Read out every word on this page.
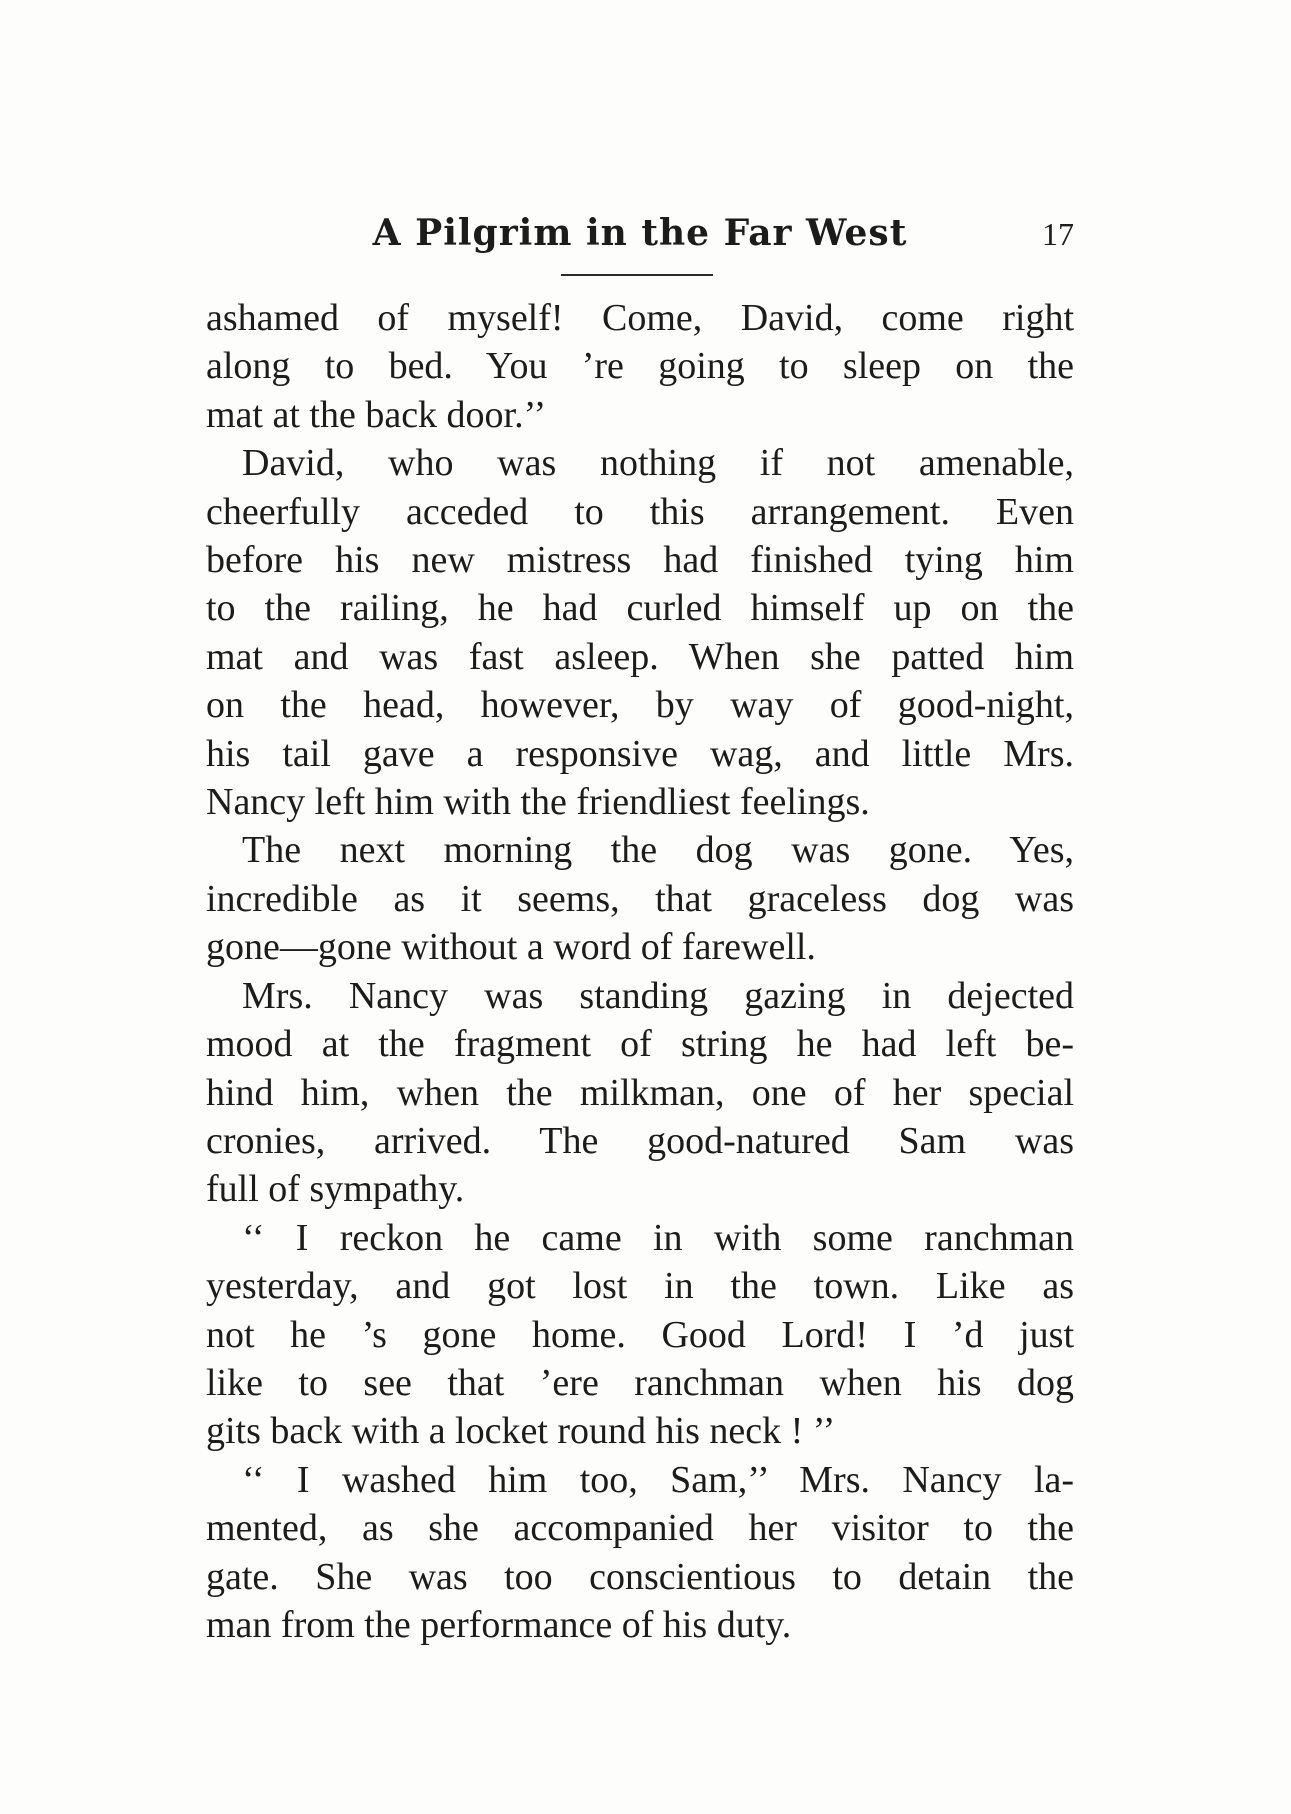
A Pilgrim in the Far West	17
ashamed of myself! Come, David, come right
along to bed. You ’re going to sleep on the
mat at the back door.’’
David, who was nothing if not amenable,
cheerfully acceded to this arrangement. Even
before his new mistress had finished tying him
to the railing, he had curled himself up on the
mat and was fast asleep. When she patted him
on the head, however, by way of good-night,
his tail gave a responsive wag, and little Mrs.
Nancy left him with the friendliest feelings.
The next morning the dog was gone. Yes,
incredible as it seems, that graceless dog was
gone—gone without a word of farewell.
Mrs. Nancy was standing gazing in dejected
mood at the fragment of string he had left be-
hind him, when the milkman, one of her special
cronies, arrived. The good-natured Sam was
full of sympathy.
‘‘ I reckon he came in with some ranchman
yesterday, and got lost in the town. Like as
not he ’s gone home. Good Lord! I ’d just
like to see that ’ere ranchman when his dog
gits back with a locket round his neck ! ’’
‘‘ I washed him too, Sam,’’ Mrs. Nancy la-
mented, as she accompanied her visitor to the
gate. She was too conscientious to detain the
man from the performance of his duty.
